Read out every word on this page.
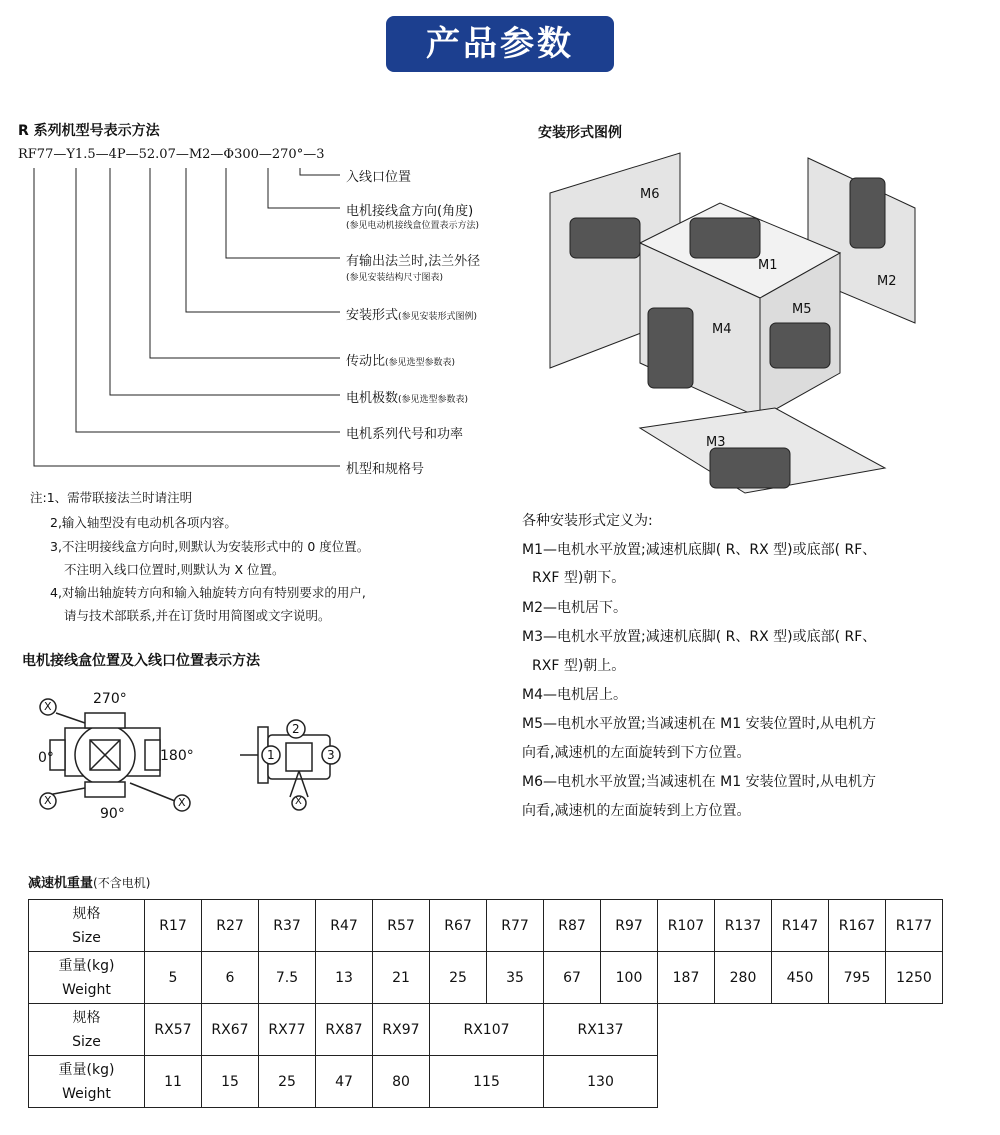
产品参数
R 系列机型号表示方法
RF77—Y1.5—4P—52.07—M2—Φ300—270°—3
入线口位置
电机接线盒方向(角度)
(参见电动机接线盒位置表示方法)
有输出法兰时,法兰外径
(参见安装结构尺寸图表)
安装形式(参见安装形式图例)
传动比(参见选型参数表)
电机极数(参见选型参数表)
电机系列代号和功率
机型和规格号
注:1、需带联接法兰时请注明
2,输入轴型没有电动机各项内容。
3,不注明接线盒方向时,则默认为安装形式中的 0 度位置。
不注明入线口位置时,则默认为 X 位置。
4,对输出轴旋转方向和输入轴旋转方向有特别要求的用户,
请与技术部联系,并在订货时用简图或文字说明。
电机接线盒位置及入线口位置表示方法
X
X	X
270°
0°	180°
90°
1
2
3
X
安装形式图例
M6
M1
M2
M4
M5
M3
各种安装形式定义为:
M1—电机水平放置;减速机底脚( R、RX 型)或底部( RF、
RXF 型)朝下。
M2—电机居下。
M3—电机水平放置;减速机底脚( R、RX 型)或底部( RF、
RXF 型)朝上。
M4—电机居上。
M5—电机水平放置;当减速机在 M1 安装位置时,从电机方
向看,减速机的左面旋转到下方位置。
M6—电机水平放置;当减速机在 M1 安装位置时,从电机方
向看,减速机的左面旋转到上方位置。
减速机重量(不含电机)
规格
Size	R17	R27	R37	R47	R57	R67	R77	R87	R97	R107	R137	R147	R167	R177

重量(kg)
Weight	5	6	7.5	13	21	25	35	67	100	187	280	450	795	1250

规格
Size	RX57	RX67	RX77	RX87	RX97	RX107		RX137						

重量(kg)
Weight	11	15	25	47	80	115		130						
